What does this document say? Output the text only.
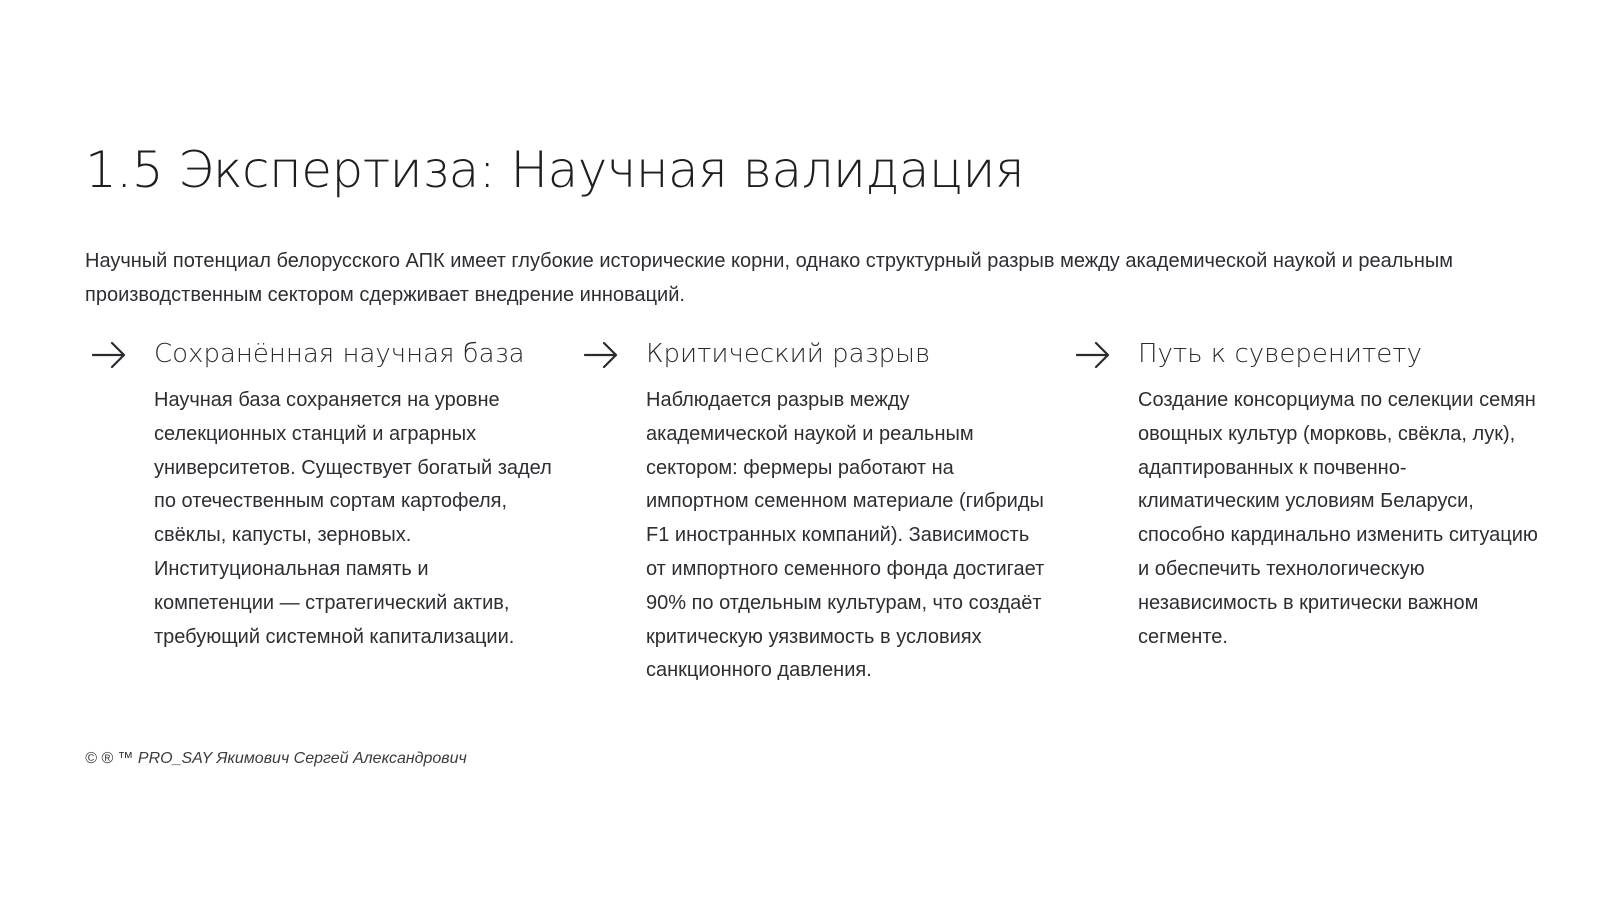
1.5 Экспертиза: Научная валидация

Научный потенциал белорусского АПК имеет глубокие исторические корни, однако структурный разрыв между академической наукой и реальным производственным сектором сдерживает внедрение инноваций.

Сохранённая научная база

Научная база сохраняется на уровне селекционных станций и аграрных университетов. Существует богатый задел по отечественным сортам картофеля, свёклы, капусты, зерновых. Институциональная память и компетенции — стратегический актив, требующий системной капитализации.

Критический разрыв

Наблюдается разрыв между академической наукой и реальным сектором: фермеры работают на импортном семенном материале (гибриды F1 иностранных компаний). Зависимость от импортного семенного фонда достигает 90% по отдельным культурам, что создаёт критическую уязвимость в условиях санкционного давления.

Путь к суверенитету

Создание консорциума по селекции семян овощных культур (морковь, свёкла, лук), адаптированных к почвенно-климатическим условиям Беларуси, способно кардинально изменить ситуацию и обеспечить технологическую независимость в критически важном сегменте.

© ® ™ PRO_SAY Якимович Сергей Александрович
